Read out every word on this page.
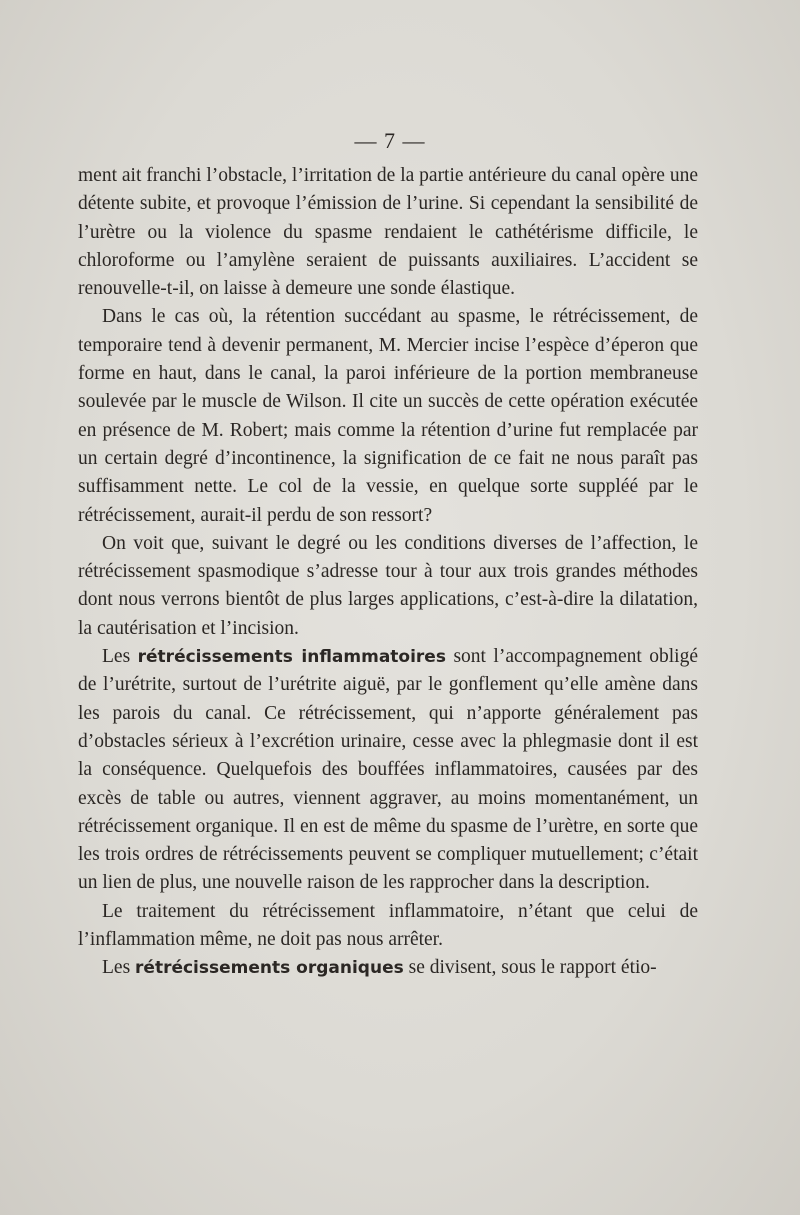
— 7 —

ment ait franchi l’obstacle, l’irritation de la partie antérieure du canal opère une détente subite, et provoque l’émission de l’urine. Si cependant la sensibilité de l’urètre ou la violence du spasme rendaient le cathétérisme difficile, le chloroforme ou l’amylène seraient de puissants auxiliaires. L’accident se renouvelle-t-il, on laisse à demeure une sonde élastique.

Dans le cas où, la rétention succédant au spasme, le rétrécissement, de temporaire tend à devenir permanent, M. Mercier incise l’espèce d’éperon que forme en haut, dans le canal, la paroi inférieure de la portion membraneuse soulevée par le muscle de Wilson. Il cite un succès de cette opération exécutée en présence de M. Robert; mais comme la rétention d’urine fut remplacée par un certain degré d’incontinence, la signification de ce fait ne nous paraît pas suffisamment nette. Le col de la vessie, en quelque sorte suppléé par le rétrécissement, aurait-il perdu de son ressort?

On voit que, suivant le degré ou les conditions diverses de l’affection, le rétrécissement spasmodique s’adresse tour à tour aux trois grandes méthodes dont nous verrons bientôt de plus larges applications, c’est-à-dire la dilatation, la cautérisation et l’incision.

Les rétrécissements inflammatoires sont l’accompagnement obligé de l’urétrite, surtout de l’urétrite aiguë, par le gonflement qu’elle amène dans les parois du canal. Ce rétrécissement, qui n’apporte généralement pas d’obstacles sérieux à l’excrétion urinaire, cesse avec la phlegmasie dont il est la conséquence. Quelquefois des bouffées inflammatoires, causées par des excès de table ou autres, viennent aggraver, au moins momentanément, un rétrécissement organique. Il en est de même du spasme de l’urètre, en sorte que les trois ordres de rétrécissements peuvent se compliquer mutuellement; c’était un lien de plus, une nouvelle raison de les rapprocher dans la description.

Le traitement du rétrécissement inflammatoire, n’étant que celui de l’inflammation même, ne doit pas nous arrêter.

Les rétrécissements organiques se divisent, sous le rapport étio-
